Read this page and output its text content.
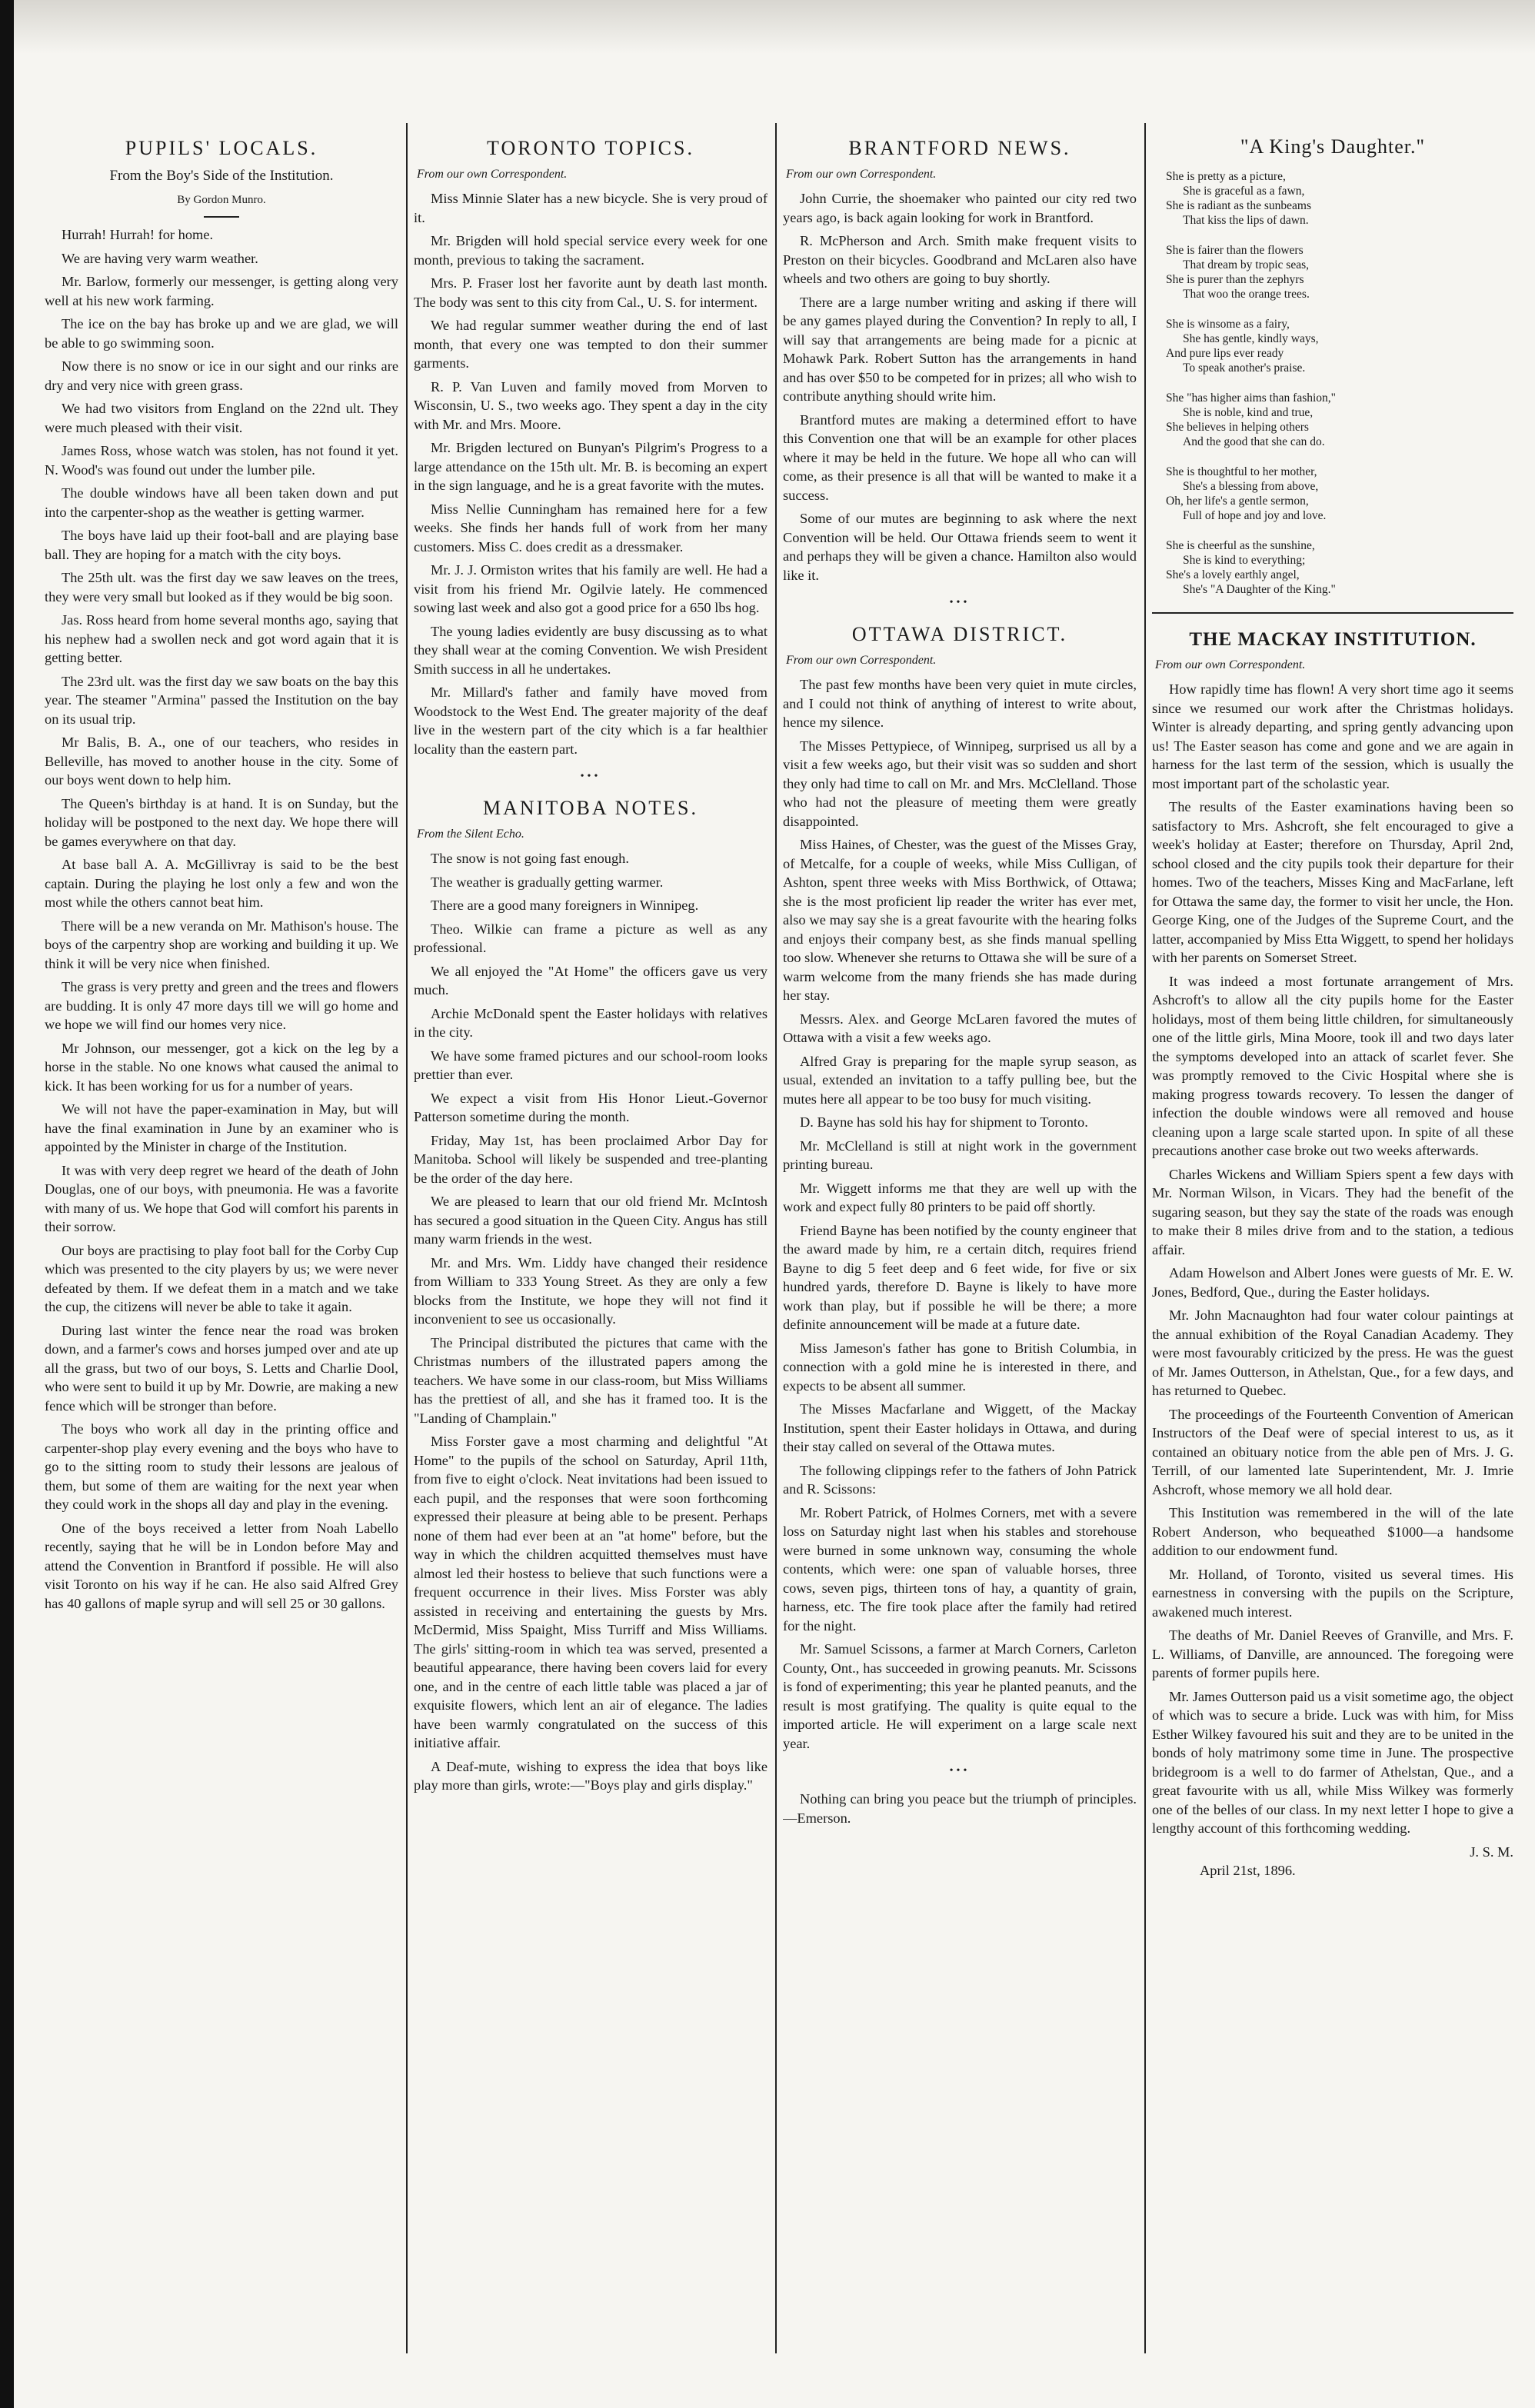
PUPILS' LOCALS.
From the Boy's Side of the Institution.
By Gordon Munro.

Hurrah! Hurrah! for home.

We are having very warm weather.

Mr. Barlow, formerly our messenger, is getting along very well at his new work farming.

The ice on the bay has broke up and we are glad, we will be able to go swimming soon.

Now there is no snow or ice in our sight and our rinks are dry and very nice with green grass.

We had two visitors from England on the 22nd ult. They were much pleased with their visit.

James Ross, whose watch was stolen, has not found it yet. N. Wood's was found out under the lumber pile.

The double windows have all been taken down and put into the carpenter-shop as the weather is getting warmer.

The boys have laid up their foot-ball and are playing base ball. They are hoping for a match with the city boys.

The 25th ult. was the first day we saw leaves on the trees, they were very small but looked as if they would be big soon.

Jas. Ross heard from home several months ago, saying that his nephew had a swollen neck and got word again that it is getting better.

The 23rd ult. was the first day we saw boats on the bay this year. The steamer "Armina" passed the Institution on the bay on its usual trip.

Mr Balis, B. A., one of our teachers, who resides in Belleville, has moved to another house in the city. Some of our boys went down to help him.

The Queen's birthday is at hand. It is on Sunday, but the holiday will be postponed to the next day. We hope there will be games everywhere on that day.

At base ball A. A. McGillivray is said to be the best captain. During the playing he lost only a few and won the most while the others cannot beat him.

There will be a new veranda on Mr. Mathison's house. The boys of the carpentry shop are working and building it up. We think it will be very nice when finished.

The grass is very pretty and green and the trees and flowers are budding. It is only 47 more days till we will go home and we hope we will find our homes very nice.

Mr Johnson, our messenger, got a kick on the leg by a horse in the stable. No one knows what caused the animal to kick. It has been working for us for a number of years.

We will not have the paper-examination in May, but will have the final examination in June by an examiner who is appointed by the Minister in charge of the Institution.

It was with very deep regret we heard of the death of John Douglas, one of our boys, with pneumonia. He was a favorite with many of us. We hope that God will comfort his parents in their sorrow.

Our boys are practising to play foot ball for the Corby Cup which was presented to the city players by us; we were never defeated by them. If we defeat them in a match and we take the cup, the citizens will never be able to take it again.

During last winter the fence near the road was broken down, and a farmer's cows and horses jumped over and ate up all the grass, but two of our boys, S. Letts and Charlie Dool, who were sent to build it up by Mr. Dowrie, are making a new fence which will be stronger than before.

The boys who work all day in the printing office and carpenter-shop play every evening and the boys who have to go to the sitting room to study their lessons are jealous of them, but some of them are waiting for the next year when they could work in the shops all day and play in the evening.

One of the boys received a letter from Noah Labello recently, saying that he will be in London before May and attend the Convention in Brantford if possible. He will also visit Toronto on his way if he can. He also said Alfred Grey has 40 gallons of maple syrup and will sell 25 or 30 gallons.

TORONTO TOPICS.
From our own Correspondent.

Miss Minnie Slater has a new bicycle. She is very proud of it.

Mr. Brigden will hold special service every week for one month, previous to taking the sacrament.

Mrs. P. Fraser lost her favorite aunt by death last month. The body was sent to this city from Cal., U. S. for interment.

We had regular summer weather during the end of last month, that every one was tempted to don their summer garments.

R. P. Van Luven and family moved from Morven to Wisconsin, U. S., two weeks ago. They spent a day in the city with Mr. and Mrs. Moore.

Mr. Brigden lectured on Bunyan's Pilgrim's Progress to a large attendance on the 15th ult. Mr. B. is becoming an expert in the sign language, and he is a great favorite with the mutes.

Miss Nellie Cunningham has remained here for a few weeks. She finds her hands full of work from her many customers. Miss C. does credit as a dressmaker.

Mr. J. J. Ormiston writes that his family are well. He had a visit from his friend Mr. Ogilvie lately. He commenced sowing last week and also got a good price for a 650 lbs hog.

The young ladies evidently are busy discussing as to what they shall wear at the coming Convention. We wish President Smith success in all he undertakes.

Mr. Millard's father and family have moved from Woodstock to the West End. The greater majority of the deaf live in the western part of the city which is a far healthier locality than the eastern part.

•••
MANITOBA NOTES.
From the Silent Echo.

The snow is not going fast enough.

The weather is gradually getting warmer.

There are a good many foreigners in Winnipeg.

Theo. Wilkie can frame a picture as well as any professional.

We all enjoyed the "At Home" the officers gave us very much.

Archie McDonald spent the Easter holidays with relatives in the city.

We have some framed pictures and our school-room looks prettier than ever.

We expect a visit from His Honor Lieut.-Governor Patterson sometime during the month.

Friday, May 1st, has been proclaimed Arbor Day for Manitoba. School will likely be suspended and tree-planting be the order of the day here.

We are pleased to learn that our old friend Mr. McIntosh has secured a good situation in the Queen City. Angus has still many warm friends in the west.

Mr. and Mrs. Wm. Liddy have changed their residence from William to 333 Young Street. As they are only a few blocks from the Institute, we hope they will not find it inconvenient to see us occasionally.

The Principal distributed the pictures that came with the Christmas numbers of the illustrated papers among the teachers. We have some in our class-room, but Miss Williams has the prettiest of all, and she has it framed too. It is the "Landing of Champlain."

Miss Forster gave a most charming and delightful "At Home" to the pupils of the school on Saturday, April 11th, from five to eight o'clock. Neat invitations had been issued to each pupil, and the responses that were soon forthcoming expressed their pleasure at being able to be present. Perhaps none of them had ever been at an "at home" before, but the way in which the children acquitted themselves must have almost led their hostess to believe that such functions were a frequent occurrence in their lives. Miss Forster was ably assisted in receiving and entertaining the guests by Mrs. McDermid, Miss Spaight, Miss Turriff and Miss Williams. The girls' sitting-room in which tea was served, presented a beautiful appearance, there having been covers laid for every one, and in the centre of each little table was placed a jar of exquisite flowers, which lent an air of elegance. The ladies have been warmly congratulated on the success of this initiative affair.

A Deaf-mute, wishing to express the idea that boys like play more than girls, wrote:—"Boys play and girls display."

BRANTFORD NEWS.
From our own Correspondent.

John Currie, the shoemaker who painted our city red two years ago, is back again looking for work in Brantford.

R. McPherson and Arch. Smith make frequent visits to Preston on their bicycles. Goodbrand and McLaren also have wheels and two others are going to buy shortly.

There are a large number writing and asking if there will be any games played during the Convention? In reply to all, I will say that arrangements are being made for a picnic at Mohawk Park. Robert Sutton has the arrangements in hand and has over $50 to be competed for in prizes; all who wish to contribute anything should write him.

Brantford mutes are making a determined effort to have this Convention one that will be an example for other places where it may be held in the future. We hope all who can will come, as their presence is all that will be wanted to make it a success.

Some of our mutes are beginning to ask where the next Convention will be held. Our Ottawa friends seem to went it and perhaps they will be given a chance. Hamilton also would like it.

•••
OTTAWA DISTRICT.
From our own Correspondent.

The past few months have been very quiet in mute circles, and I could not think of anything of interest to write about, hence my silence.

The Misses Pettypiece, of Winnipeg, surprised us all by a visit a few weeks ago, but their visit was so sudden and short they only had time to call on Mr. and Mrs. McClelland. Those who had not the pleasure of meeting them were greatly disappointed.

Miss Haines, of Chester, was the guest of the Misses Gray, of Metcalfe, for a couple of weeks, while Miss Culligan, of Ashton, spent three weeks with Miss Borthwick, of Ottawa; she is the most proficient lip reader the writer has ever met, also we may say she is a great favourite with the hearing folks and enjoys their company best, as she finds manual spelling too slow. Whenever she returns to Ottawa she will be sure of a warm welcome from the many friends she has made during her stay.

Messrs. Alex. and George McLaren favored the mutes of Ottawa with a visit a few weeks ago.

Alfred Gray is preparing for the maple syrup season, as usual, extended an invitation to a taffy pulling bee, but the mutes here all appear to be too busy for much visiting.

D. Bayne has sold his hay for shipment to Toronto.

Mr. McClelland is still at night work in the government printing bureau.

Mr. Wiggett informs me that they are well up with the work and expect fully 80 printers to be paid off shortly.

Friend Bayne has been notified by the county engineer that the award made by him, re a certain ditch, requires friend Bayne to dig 5 feet deep and 6 feet wide, for five or six hundred yards, therefore D. Bayne is likely to have more work than play, but if possible he will be there; a more definite announcement will be made at a future date.

Miss Jameson's father has gone to British Columbia, in connection with a gold mine he is interested in there, and expects to be absent all summer.

The Misses Macfarlane and Wiggett, of the Mackay Institution, spent their Easter holidays in Ottawa, and during their stay called on several of the Ottawa mutes.

The following clippings refer to the fathers of John Patrick and R. Scissons:

Mr. Robert Patrick, of Holmes Corners, met with a severe loss on Saturday night last when his stables and storehouse were burned in some unknown way, consuming the whole contents, which were: one span of valuable horses, three cows, seven pigs, thirteen tons of hay, a quantity of grain, harness, etc. The fire took place after the family had retired for the night.

Mr. Samuel Scissons, a farmer at March Corners, Carleton County, Ont., has succeeded in growing peanuts. Mr. Scissons is fond of experimenting; this year he planted peanuts, and the result is most gratifying. The quality is quite equal to the imported article. He will experiment on a large scale next year.

•••

Nothing can bring you peace but the triumph of principles.—Emerson.

"A King's Daughter."
She is pretty as a picture,
She is graceful as a fawn,
She is radiant as the sunbeams
That kiss the lips of dawn.
She is fairer than the flowers
That dream by tropic seas,
She is purer than the zephyrs
That woo the orange trees.
She is winsome as a fairy,
She has gentle, kindly ways,
And pure lips ever ready
To speak another's praise.
She "has higher aims than fashion,"
She is noble, kind and true,
She believes in helping others
And the good that she can do.
She is thoughtful to her mother,
She's a blessing from above,
Oh, her life's a gentle sermon,
Full of hope and joy and love.
She is cheerful as the sunshine,
She is kind to everything;
She's a lovely earthly angel,
She's "A Daughter of the King."
THE MACKAY INSTITUTION.
From our own Correspondent.

How rapidly time has flown! A very short time ago it seems since we resumed our work after the Christmas holidays. Winter is already departing, and spring gently advancing upon us! The Easter season has come and gone and we are again in harness for the last term of the session, which is usually the most important part of the scholastic year.

The results of the Easter examinations having been so satisfactory to Mrs. Ashcroft, she felt encouraged to give a week's holiday at Easter; therefore on Thursday, April 2nd, school closed and the city pupils took their departure for their homes. Two of the teachers, Misses King and MacFarlane, left for Ottawa the same day, the former to visit her uncle, the Hon. George King, one of the Judges of the Supreme Court, and the latter, accompanied by Miss Etta Wiggett, to spend her holidays with her parents on Somerset Street.

It was indeed a most fortunate arrangement of Mrs. Ashcroft's to allow all the city pupils home for the Easter holidays, most of them being little children, for simultaneously one of the little girls, Mina Moore, took ill and two days later the symptoms developed into an attack of scarlet fever. She was promptly removed to the Civic Hospital where she is making progress towards recovery. To lessen the danger of infection the double windows were all removed and house cleaning upon a large scale started upon. In spite of all these precautions another case broke out two weeks afterwards.

Charles Wickens and William Spiers spent a few days with Mr. Norman Wilson, in Vicars. They had the benefit of the sugaring season, but they say the state of the roads was enough to make their 8 miles drive from and to the station, a tedious affair.

Adam Howelson and Albert Jones were guests of Mr. E. W. Jones, Bedford, Que., during the Easter holidays.

Mr. John Macnaughton had four water colour paintings at the annual exhibition of the Royal Canadian Academy. They were most favourably criticized by the press. He was the guest of Mr. James Outterson, in Athelstan, Que., for a few days, and has returned to Quebec.

The proceedings of the Fourteenth Convention of American Instructors of the Deaf were of special interest to us, as it contained an obituary notice from the able pen of Mrs. J. G. Terrill, of our lamented late Superintendent, Mr. J. Imrie Ashcroft, whose memory we all hold dear.

This Institution was remembered in the will of the late Robert Anderson, who bequeathed $1000—a handsome addition to our endowment fund.

Mr. Holland, of Toronto, visited us several times. His earnestness in conversing with the pupils on the Scripture, awakened much interest.

The deaths of Mr. Daniel Reeves of Granville, and Mrs. F. L. Williams, of Danville, are announced. The foregoing were parents of former pupils here.

Mr. James Outterson paid us a visit sometime ago, the object of which was to secure a bride. Luck was with him, for Miss Esther Wilkey favoured his suit and they are to be united in the bonds of holy matrimony some time in June. The prospective bridegroom is a well to do farmer of Athelstan, Que., and a great favourite with us all, while Miss Wilkey was formerly one of the belles of our class. In my next letter I hope to give a lengthy account of this forthcoming wedding.

J. S. M.

April 21st, 1896.
